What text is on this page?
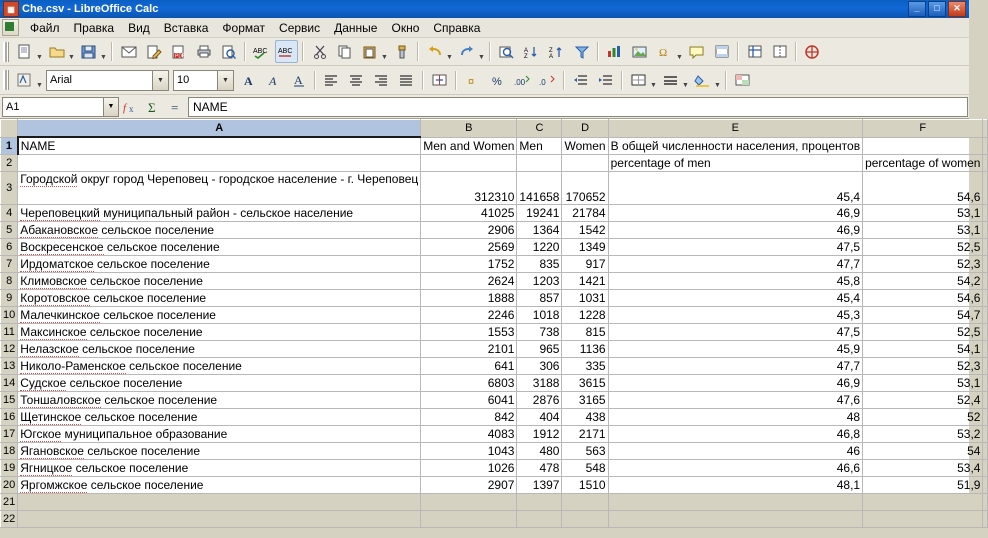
▦ Che.csv - LibreOffice Calc	_	□	✕
Файл	Правка	Вид	Вставка	Формат	Сервис	Данные	Окно	Справка
▼	▼	▼	PDF
ABC ABC
▼	▼	▼
A
Z
Z
A	Ω ▼
▼ Arial	▼	10	▼	A A A	¤ % .00 .0	▼	▼	▼
A1	▼ f x Σ =	NAME
	A	B	C	D	E	F	
1	NAME	Men and Women	Men	Women	В общей численности населения, процентов		
2					percentage of men	percentage of women	
3	Городской округ город Череповец - городское население - г. Череповец	312310	141658	170652	45,4	54,6	
4	Череповецкий муниципальный район - сельское население	41025	19241	21784	46,9	53,1	
5	Абакановское сельское поселение	2906	1364	1542	46,9	53,1	
6	Воскресенское сельское поселение	2569	1220	1349	47,5	52,5	
7	Ирдоматское сельское поселение	1752	835	917	47,7	52,3	
8	Климовское сельское поселение	2624	1203	1421	45,8	54,2	
9	Коротовское сельское поселение	1888	857	1031	45,4	54,6	
10	Малечкинское сельское поселение	2246	1018	1228	45,3	54,7	
11	Максинское сельское поселение	1553	738	815	47,5	52,5	
12	Нелазское сельское поселение	2101	965	1136	45,9	54,1	
13	Николо-Раменское сельское поселение	641	306	335	47,7	52,3	
14	Судское сельское поселение	6803	3188	3615	46,9	53,1	
15	Тоншаловское сельское поселение	6041	2876	3165	47,6	52,4	
16	Щетинское сельское поселение	842	404	438	48	52	
17	Югское муниципальное образование	4083	1912	2171	46,8	53,2	
18	Ягановское сельское поселение	1043	480	563	46	54	
19	Ягницкое сельское поселение	1026	478	548	46,6	53,4	
20	Яргомжское сельское поселение	2907	1397	1510	48,1	51,9	
21							
22							
